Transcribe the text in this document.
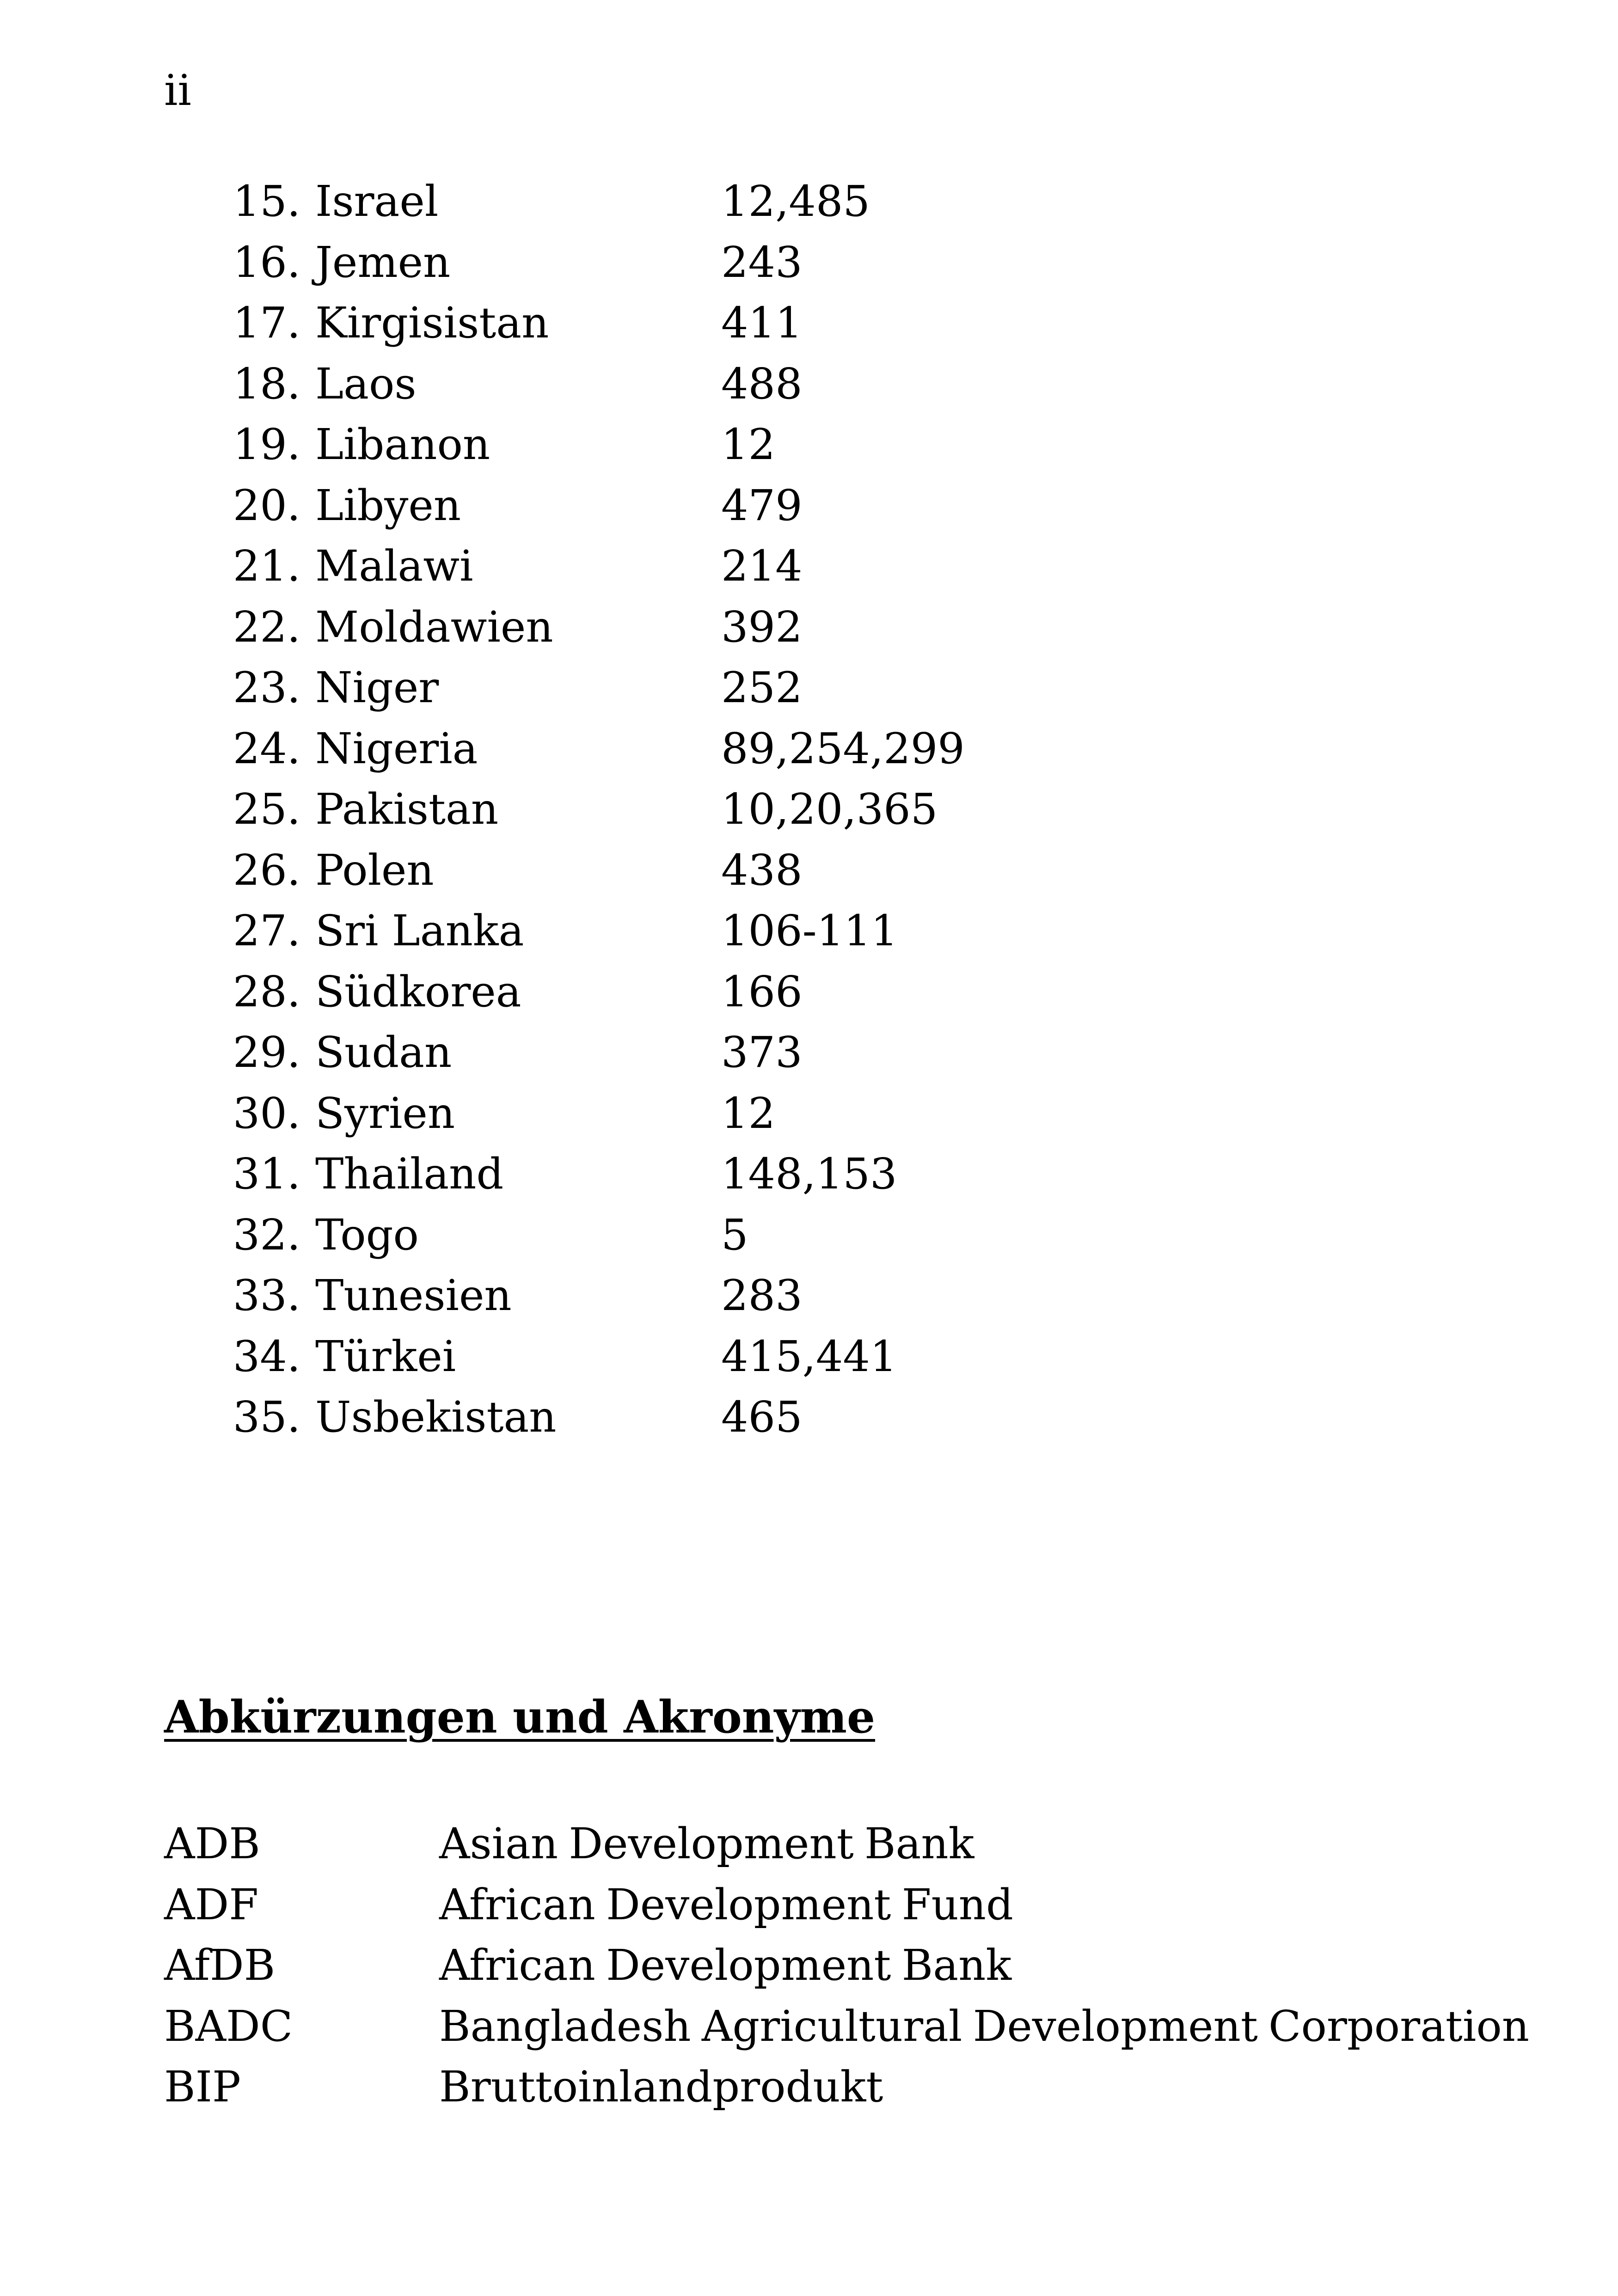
ii
15. Israel	12,485
16. Jemen	243
17. Kirgisistan	411
18. Laos	488
19. Libanon	12
20. Libyen	479
21. Malawi	214
22. Moldawien	392
23. Niger	252
24. Nigeria	89,254,299
25. Pakistan	10,20,365
26. Polen	438
27. Sri Lanka	106-111
28. Südkorea	166
29. Sudan	373
30. Syrien	12
31. Thailand	148,153
32. Togo	5
33. Tunesien	283
34. Türkei	415,441
35. Usbekistan	465
Abkürzungen und Akronyme
ADB	Asian Development Bank
ADF	African Development Fund
AfDB	African Development Bank
BADC	Bangladesh Agricultural Development Corporation
BIP	Bruttoinlandprodukt
